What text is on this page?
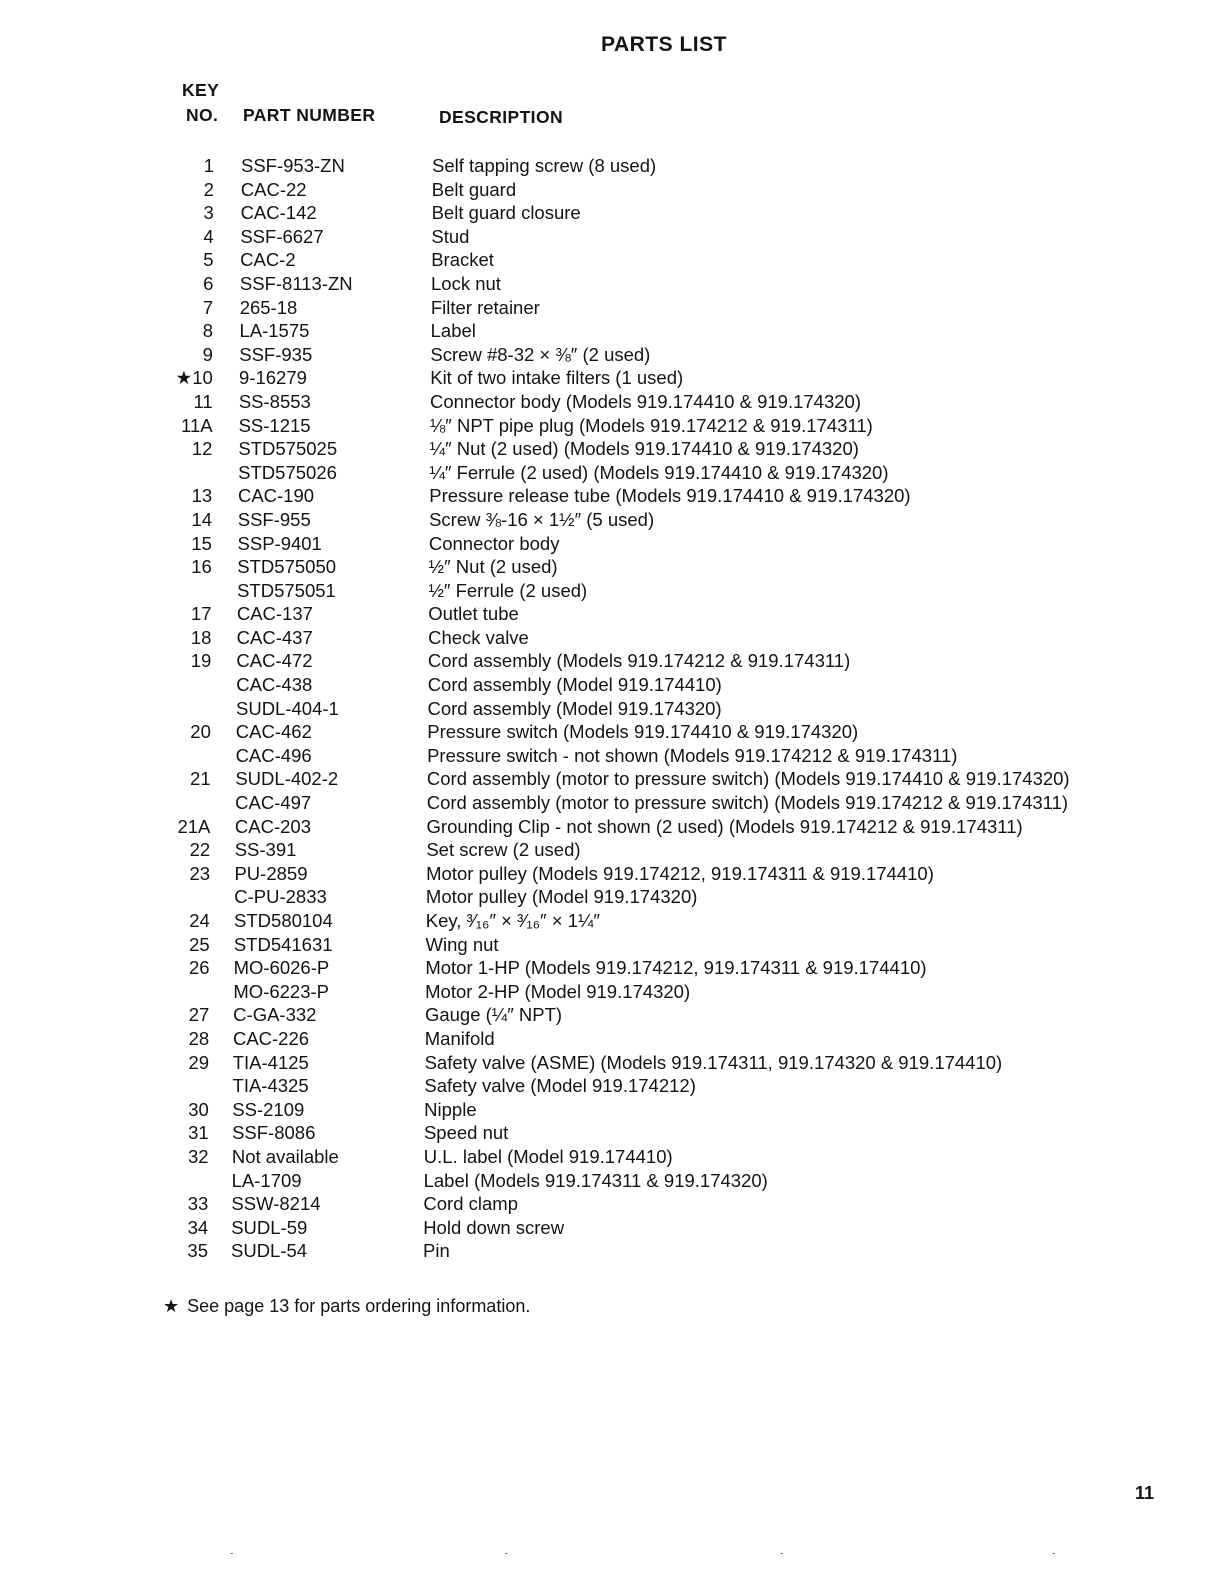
PARTS LIST
KEY
NO. PART NUMBER	DESCRIPTION
1 SSF-953-ZN	Self tapping screw (8 used)
2 CAC-22	Belt guard
3 CAC-142	Belt guard closure
4 SSF-6627	Stud
5 CAC-2	Bracket
6 SSF-8113-ZN	Lock nut
7 265-18	Filter retainer
8 LA-1575	Label
9 SSF-935	Screw #8-32 × ⅜″ (2 used)
★10 9-16279	Kit of two intake filters (1 used)
11 SS-8553	Connector body (Models 919.174410 & 919.174320)
11A SS-1215	⅛″ NPT pipe plug (Models 919.174212 & 919.174311)
12 STD575025	¼″ Nut (2 used) (Models 919.174410 & 919.174320)
STD575026	¼″ Ferrule (2 used) (Models 919.174410 & 919.174320)
13 CAC-190	Pressure release tube (Models 919.174410 & 919.174320)
14 SSF-955	Screw ⅜-16 × 1½″ (5 used)
15 SSP-9401	Connector body
16 STD575050	½″ Nut (2 used)
STD575051	½″ Ferrule (2 used)
17 CAC-137	Outlet tube
18 CAC-437	Check valve
19 CAC-472	Cord assembly (Models 919.174212 & 919.174311)
CAC-438	Cord assembly (Model 919.174410)
SUDL-404-1	Cord assembly (Model 919.174320)
20 CAC-462	Pressure switch (Models 919.174410 & 919.174320)
CAC-496	Pressure switch - not shown (Models 919.174212 & 919.174311)
21 SUDL-402-2	Cord assembly (motor to pressure switch) (Models 919.174410 & 919.174320)
CAC-497	Cord assembly (motor to pressure switch) (Models 919.174212 & 919.174311)
21A CAC-203	Grounding Clip - not shown (2 used) (Models 919.174212 & 919.174311)
22 SS-391	Set screw (2 used)
23 PU-2859	Motor pulley (Models 919.174212, 919.174311 & 919.174410)
C-PU-2833	Motor pulley (Model 919.174320)
24 STD580104	Key, ³⁄₁₆″ × ³⁄₁₆″ × 1¼″
25 STD541631	Wing nut
26 MO-6026-P	Motor 1-HP (Models 919.174212, 919.174311 & 919.174410)
MO-6223-P	Motor 2-HP (Model 919.174320)
27 C-GA-332	Gauge (¼″ NPT)
28 CAC-226	Manifold
29 TIA-4125	Safety valve (ASME) (Models 919.174311, 919.174320 & 919.174410)
TIA-4325	Safety valve (Model 919.174212)
30 SS-2109	Nipple
31 SSF-8086	Speed nut
32 Not available	U.L. label (Model 919.174410)
LA-1709	Label (Models 919.174311 & 919.174320)
33 SSW-8214	Cord clamp
34 SUDL-59	Hold down screw
35 SUDL-54	Pin
★ See page 13 for parts ordering information.
11
